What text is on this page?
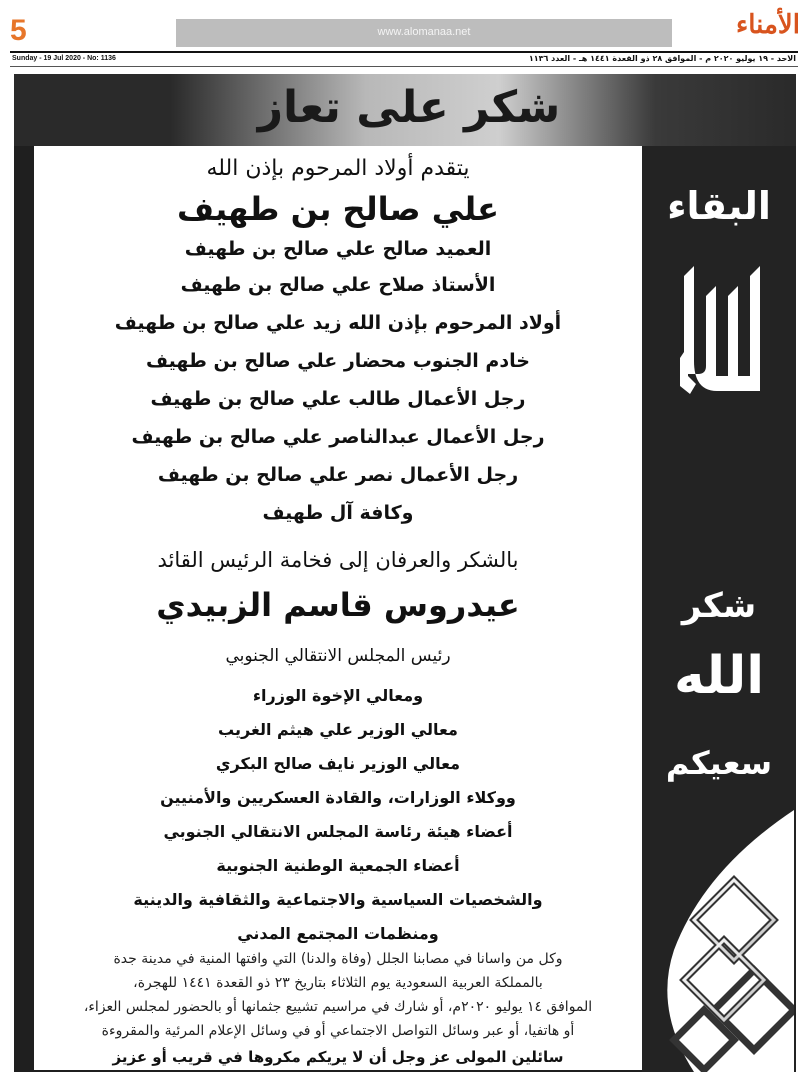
5	www.alomanaa.net	الأمناء
Sunday - 19 Jul 2020 - No: 1136	الاحد - ١٩ يوليو ٢٠٢٠ م - الموافق ٢٨ ذو القعدة ١٤٤١ هـ - العدد ١١٣٦
شكر على تعاز
البقاء
شكر
الله
سعيكم
يتقدم أولاد المرحوم بإذن الله
علي صالح بن طهيف
العميد صالح علي صالح بن طهيف
الأستاذ صلاح علي صالح بن طهيف
أولاد المرحوم بإذن الله زيد علي صالح بن طهيف
خادم الجنوب محضار علي صالح بن طهيف
رجل الأعمال طالب علي صالح بن طهيف
رجل الأعمال عبدالناصر علي صالح بن طهيف
رجل الأعمال نصر علي صالح بن طهيف
وكافة آل طهيف
بالشكر والعرفان إلى فخامة الرئيس القائد
عيدروس قاسم الزبيدي
رئيس المجلس الانتقالي الجنوبي
ومعالي الإخوة الوزراء
معالي الوزير علي هيثم الغريب
معالي الوزير نايف صالح البكري
ووكلاء الوزارات، والقادة العسكريين والأمنيين
أعضاء هيئة رئاسة المجلس الانتقالي الجنوبي
أعضاء الجمعية الوطنية الجنوبية
والشخصيات السياسية والاجتماعية والثقافية والدينية
ومنظمات المجتمع المدني
وكل من واسانا في مصابنا الجلل (وفاة والدنا) التي وافتها المنية في مدينة جدة
بالمملكة العربية السعودية يوم الثلاثاء بتاريخ ٢٣ ذو القعدة ١٤٤١ للهجرة،
الموافق ١٤ يوليو ٢٠٢٠م، أو شارك في مراسيم تشييع جثمانها أو بالحضور لمجلس العزاء،
أو هاتفيا، أو عبر وسائل التواصل الاجتماعي أو في وسائل الإعلام المرئية والمقروءة
سائلين المولى عز وجل أن لا يريكم مكروها في قريب أو عزيز
